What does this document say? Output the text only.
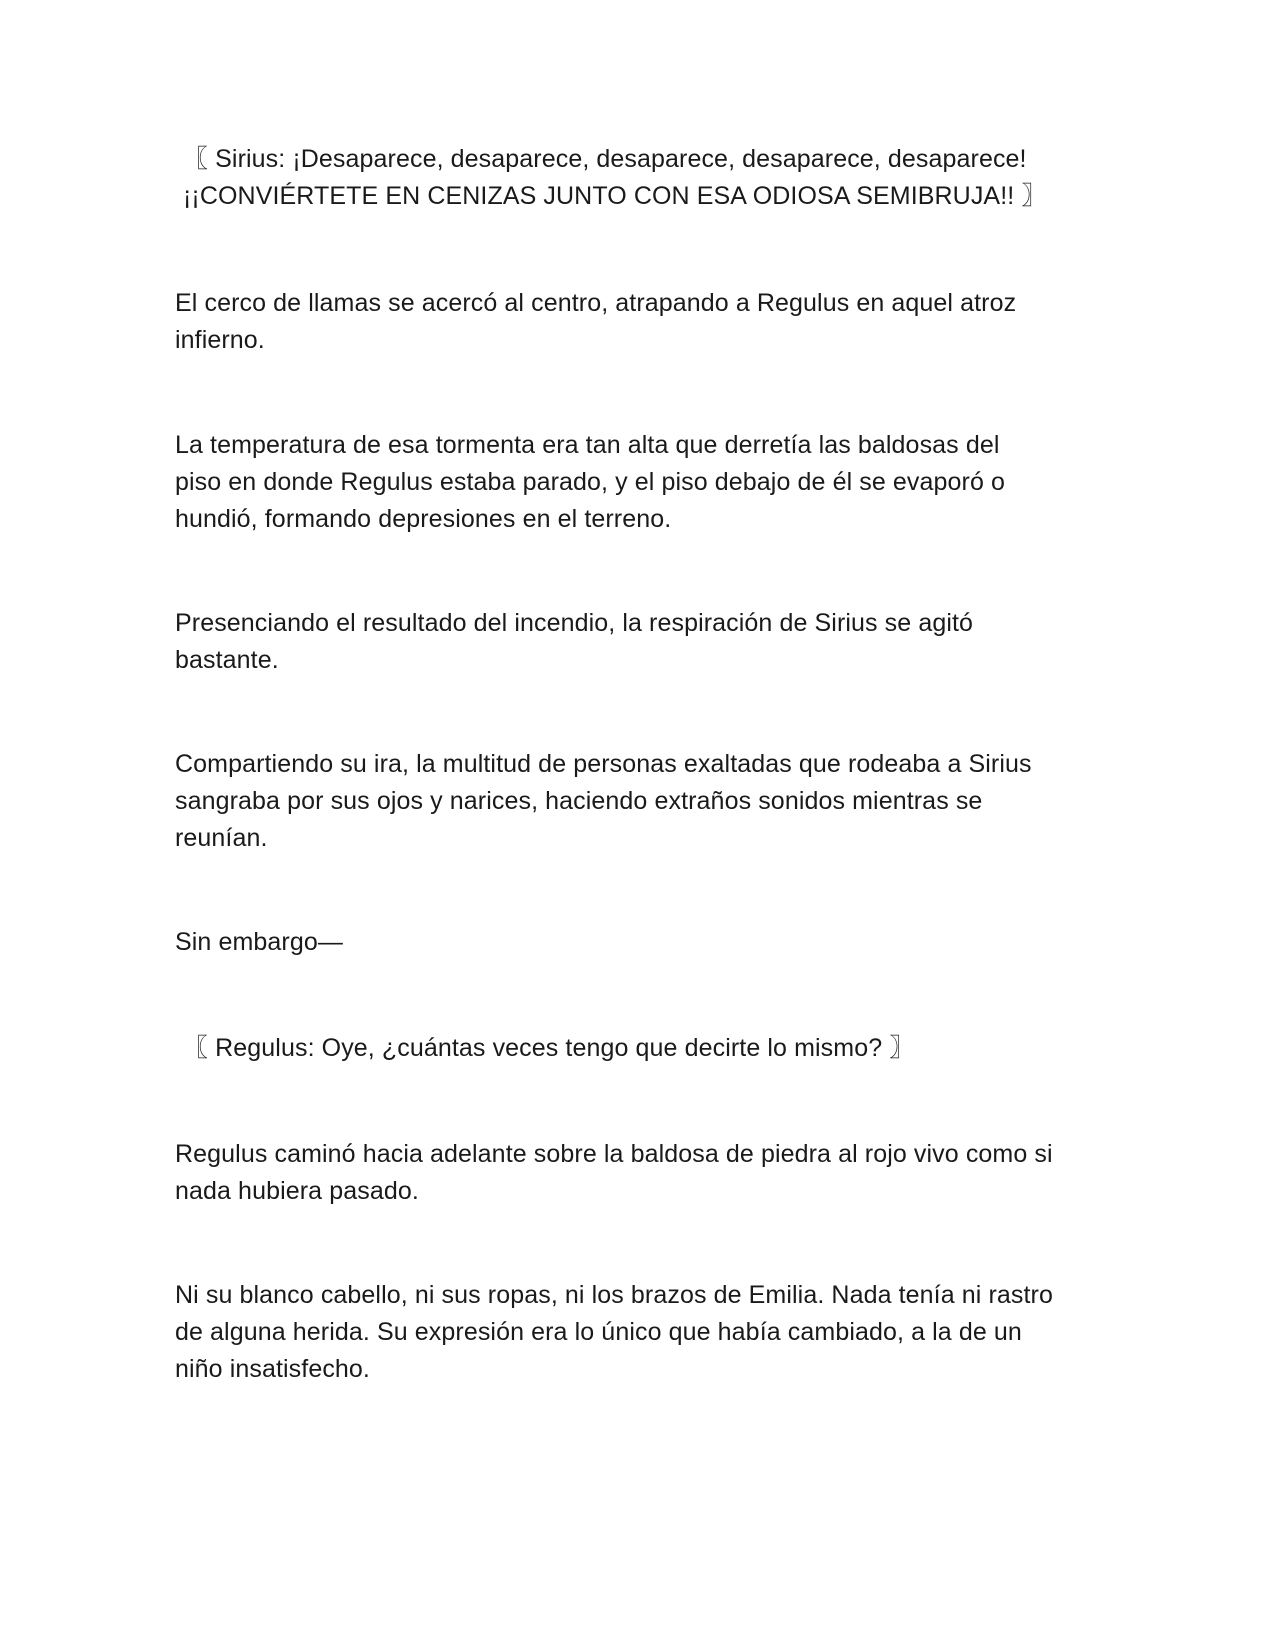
〖 Sirius: ¡Desaparece, desaparece, desaparece, desaparece, desaparece!
¡¡CONVIÉRTETE EN CENIZAS JUNTO CON ESA ODIOSA SEMIBRUJA!! 〗

El cerco de llamas se acercó al centro, atrapando a Regulus en aquel atroz
infierno.

La temperatura de esa tormenta era tan alta que derretía las baldosas del
piso en donde Regulus estaba parado, y el piso debajo de él se evaporó o
hundió, formando depresiones en el terreno.

Presenciando el resultado del incendio, la respiración de Sirius se agitó
bastante.

Compartiendo su ira, la multitud de personas exaltadas que rodeaba a Sirius
sangraba por sus ojos y narices, haciendo extraños sonidos mientras se
reunían.

Sin embargo—

〖 Regulus: Oye, ¿cuántas veces tengo que decirte lo mismo? 〗

Regulus caminó hacia adelante sobre la baldosa de piedra al rojo vivo como si
nada hubiera pasado.

Ni su blanco cabello, ni sus ropas, ni los brazos de Emilia. Nada tenía ni rastro
de alguna herida. Su expresión era lo único que había cambiado, a la de un
niño insatisfecho.
